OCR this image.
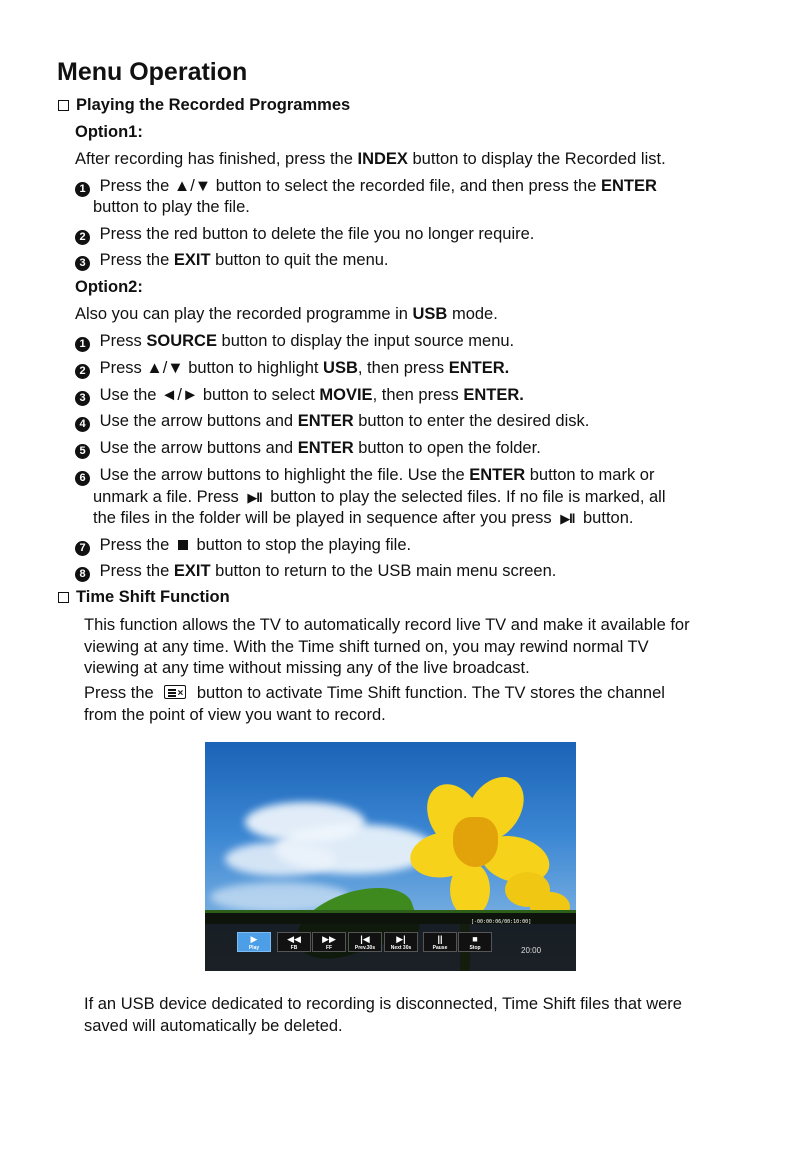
Menu Operation
Playing the Recorded Programmes
Option1:
After recording has finished, press the INDEX button to display the Recorded list.
1 Press the ▲/▼ button to select the recorded file, and then press the ENTER
button to play the file.
2 Press the red button to delete the file you no longer require.
3 Press the EXIT button to quit the menu.
Option2:
Also you can play the recorded programme in USB mode.
1 Press SOURCE button to display the input source menu.
2 Press ▲/▼ button to highlight USB, then press ENTER.
3 Use the ◄/► button to select MOVIE, then press ENTER.
4 Use the arrow buttons and ENTER button to enter the desired disk.
5 Use the arrow buttons and ENTER button to open the folder.
6 Use the arrow buttons to highlight the file. Use the ENTER button to mark or
unmark a file. Press ▶ll button to play the selected files. If no file is marked, all
the files in the folder will be played in sequence after you press ▶ll button.
7 Press the  button to stop the playing file.
8 Press the EXIT button to return to the USB main menu screen.
Time Shift Function
This function allows the TV to automatically record live TV and make it available for
viewing at any time. With the Time shift turned on, you may rewind normal TV
viewing at any time without missing any of the live broadcast.
Press the × button to activate Time Shift function. The TV stores the channel
from the point of view you want to record.
[-00:00:06/00:10:00]
20:00
▶
Play
◀◀
FB
▶▶
FF
|◀
Prev.30s
▶|
Next 30s
||
Pause
■
Stop
If an USB device dedicated to recording is disconnected, Time Shift files that were
saved will automatically be deleted.
